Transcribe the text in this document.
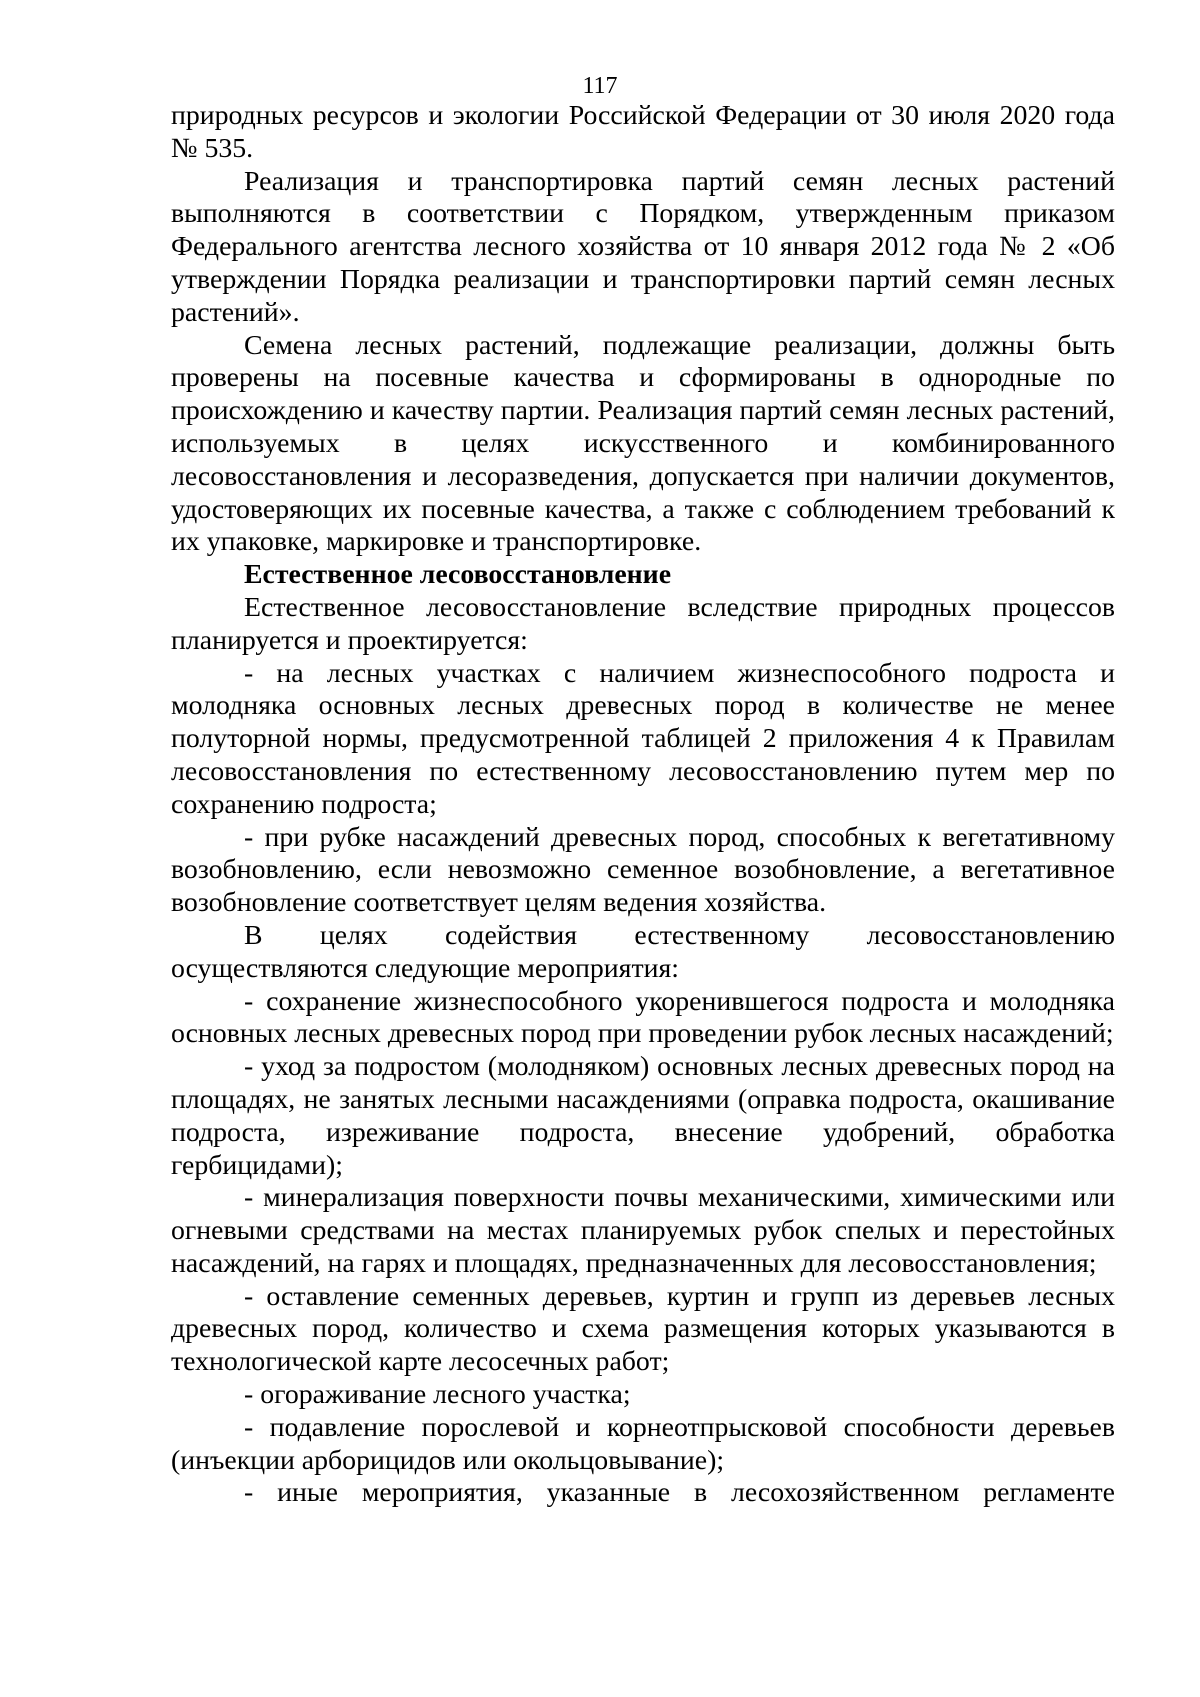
117

природных ресурсов и экологии Российской Федерации от 30 июля 2020 года № 535.

Реализация и транспортировка партий семян лесных растений выполняются в соответствии с Порядком, утвержденным приказом Федерального агентства лесного хозяйства от 10 января 2012 года № 2 «Об утверждении Порядка реализации и транспортировки партий семян лесных растений».

Семена лесных растений, подлежащие реализации, должны быть проверены на посевные качества и сформированы в однородные по происхождению и качеству партии. Реализация партий семян лесных растений, используемых в целях искусственного и комбинированного лесовосстановления и лесоразведения, допускается при наличии документов, удостоверяющих их посевные качества, а также с соблюдением требований к их упаковке, маркировке и транспортировке.

Естественное лесовосстановление

Естественное лесовосстановление вследствие природных процессов планируется и проектируется:

- на лесных участках с наличием жизнеспособного подроста и молодняка основных лесных древесных пород в количестве не менее полуторной нормы, предусмотренной таблицей 2 приложения 4 к Правилам лесовосстановления по естественному лесовосстановлению путем мер по сохранению подроста;

- при рубке насаждений древесных пород, способных к вегетативному возобновлению, если невозможно семенное возобновление, а вегетативное возобновление соответствует целям ведения хозяйства.

В целях содействия естественному лесовосстановлению осуществляются следующие мероприятия:

- сохранение жизнеспособного укоренившегося подроста и молодняка основных лесных древесных пород при проведении рубок лесных насаждений;

- уход за подростом (молодняком) основных лесных древесных пород на площадях, не занятых лесными насаждениями (оправка подроста, окашивание подроста, изреживание подроста, внесение удобрений, обработка гербицидами);

- минерализация поверхности почвы механическими, химическими или огневыми средствами на местах планируемых рубок спелых и перестойных насаждений, на гарях и площадях, предназначенных для лесовосстановления;

- оставление семенных деревьев, куртин и групп из деревьев лесных древесных пород, количество и схема размещения которых указываются в технологической карте лесосечных работ;

- огораживание лесного участка;

- подавление порослевой и корнеотпрысковой способности деревьев (инъекции арборицидов или окольцовывание);

- иные мероприятия, указанные в лесохозяйственном регламенте
